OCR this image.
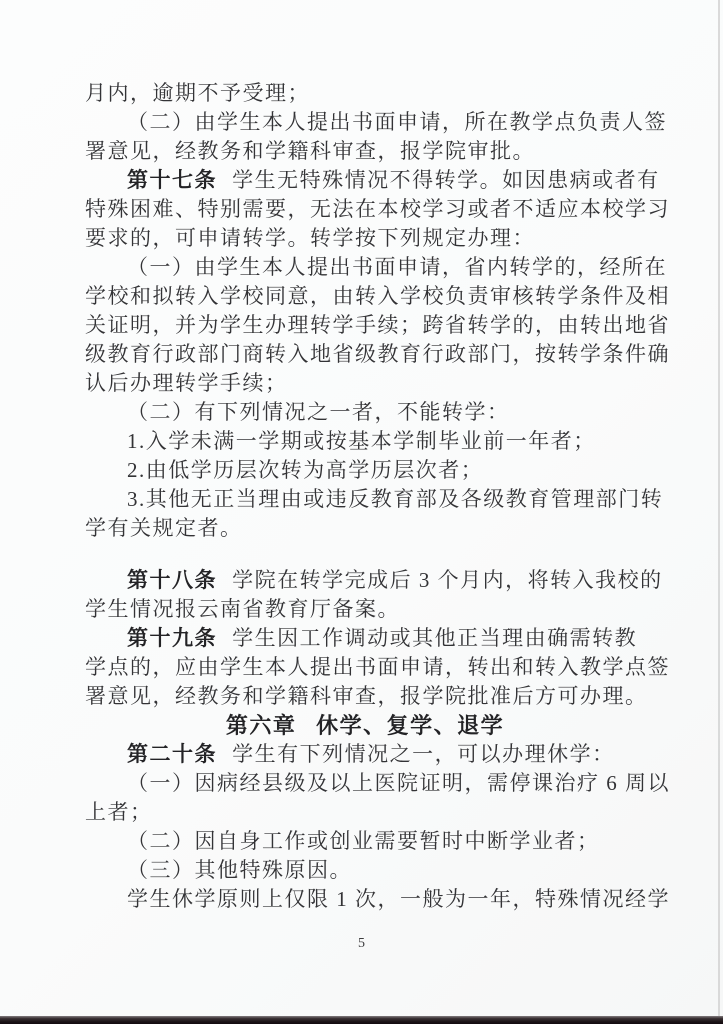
月内，逾期不予受理；
（二）由学生本人提出书面申请，所在教学点负责人签
署意见，经教务和学籍科审查，报学院审批。
第十七条 学生无特殊情况不得转学。如因患病或者有
特殊困难、特别需要，无法在本校学习或者不适应本校学习
要求的，可申请转学。转学按下列规定办理：
（一）由学生本人提出书面申请，省内转学的，经所在
学校和拟转入学校同意，由转入学校负责审核转学条件及相
关证明，并为学生办理转学手续；跨省转学的，由转出地省
级教育行政部门商转入地省级教育行政部门，按转学条件确
认后办理转学手续；
（二）有下列情况之一者，不能转学：
1.入学未满一学期或按基本学制毕业前一年者；
2.由低学历层次转为高学历层次者；
3.其他无正当理由或违反教育部及各级教育管理部门转
学有关规定者。
第十八条 学院在转学完成后 3 个月内，将转入我校的
学生情况报云南省教育厅备案。
第十九条 学生因工作调动或其他正当理由确需转教
学点的，应由学生本人提出书面申请，转出和转入教学点签
署意见，经教务和学籍科审查，报学院批准后方可办理。
第六章 休学、复学、退学
第二十条 学生有下列情况之一，可以办理休学：
（一）因病经县级及以上医院证明，需停课治疗 6 周以
上者；
（二）因自身工作或创业需要暂时中断学业者；
（三）其他特殊原因。
学生休学原则上仅限 1 次，一般为一年，特殊情况经学
5
